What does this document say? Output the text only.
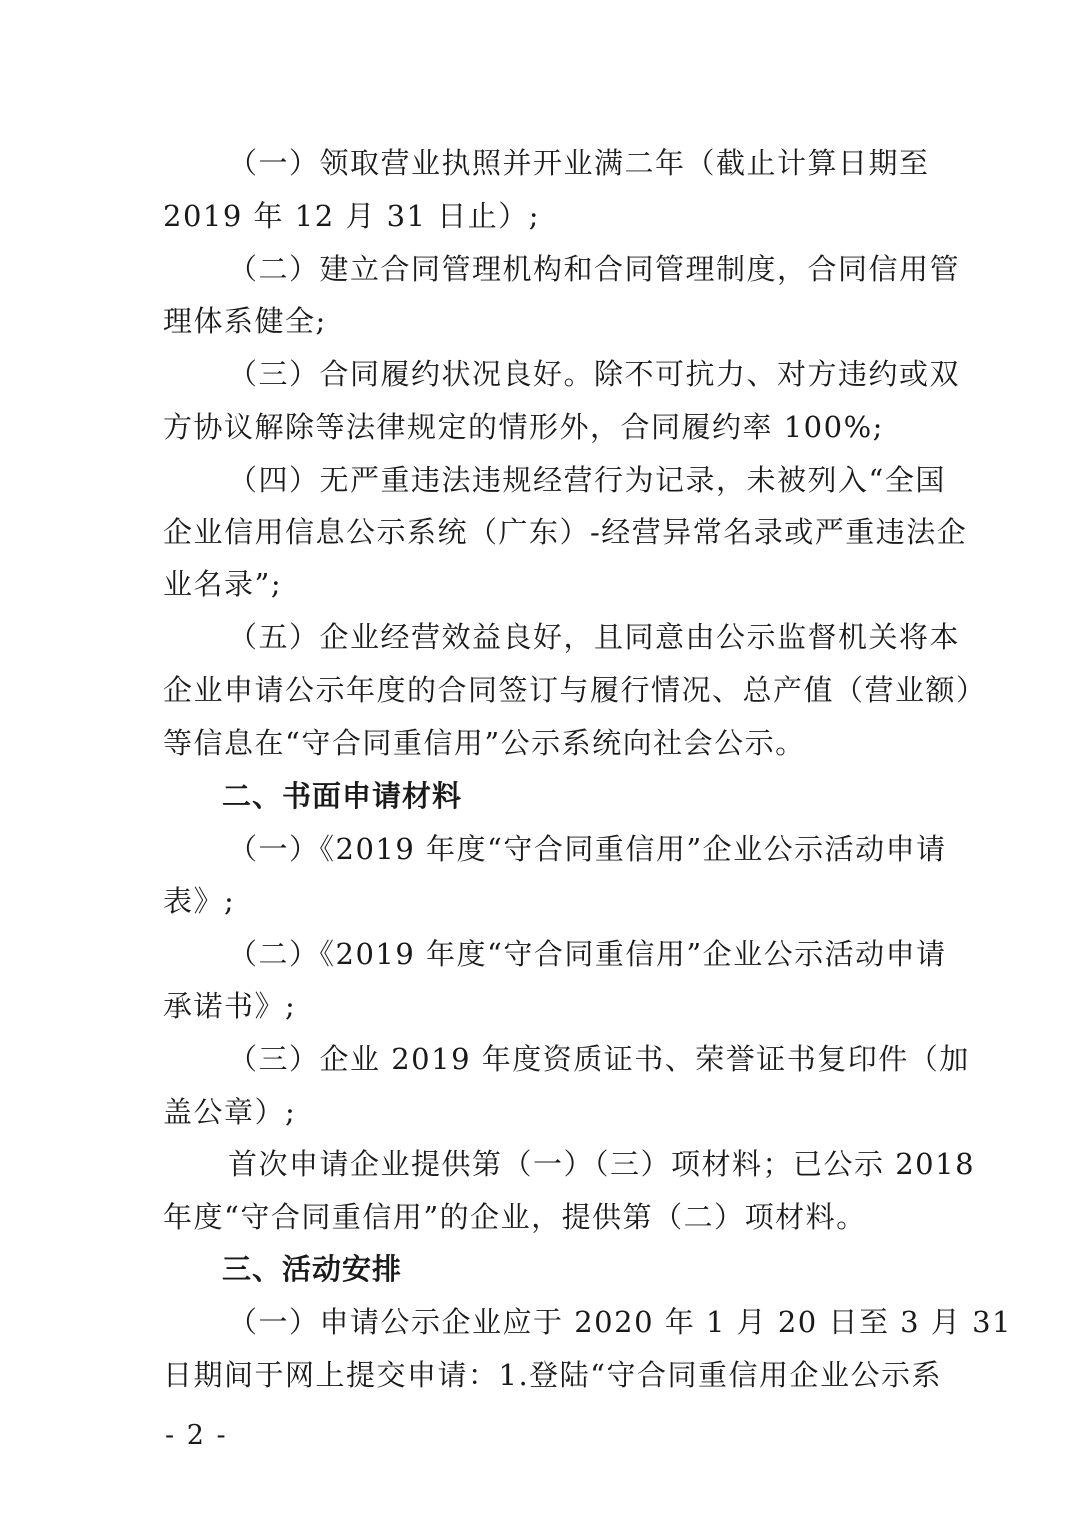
（一）领取营业执照并开业满二年（截止计算日期至
2019 年 12 月 31 日止）;
（二）建立合同管理机构和合同管理制度，合同信用管
理体系健全;
（三）合同履约状况良好。除不可抗力、对方违约或双
方协议解除等法律规定的情形外，合同履约率 100%;
（四）无严重违法违规经营行为记录，未被列入“全国
企业信用信息公示系统（广东）-经营异常名录或严重违法企
业名录”;
（五）企业经营效益良好，且同意由公示监督机关将本
企业申请公示年度的合同签订与履行情况、总产值（营业额）
等信息在“守合同重信用”公示系统向社会公示。
二、书面申请材料
（一）《2019 年度“守合同重信用”企业公示活动申请
表》;
（二）《2019 年度“守合同重信用”企业公示活动申请
承诺书》;
（三）企业 2019 年度资质证书、荣誉证书复印件（加
盖公章）;
首次申请企业提供第（一）（三）项材料；已公示 2018
年度“守合同重信用”的企业，提供第（二）项材料。
三、活动安排
（一）申请公示企业应于 2020 年 1 月 20 日至 3 月 31
日期间于网上提交申请：1.登陆“守合同重信用企业公示系
- 2 -
